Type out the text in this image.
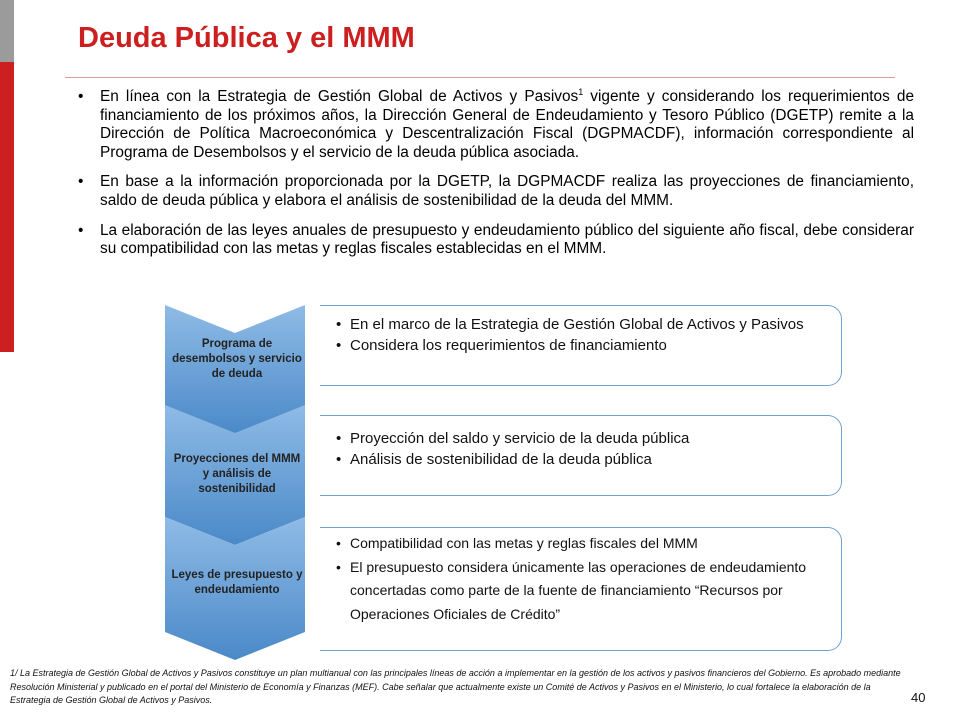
Deuda Pública y el MMM
• En línea con la Estrategia de Gestión Global de Activos y Pasivos$^1$ vigente y considerando los requerimientos de financiamiento de los próximos años, la Dirección General de Endeudamiento y Tesoro Público (DGETP) remite a la Dirección de Política Macroeconómica y Descentralización Fiscal (DGPMACDF), información correspondiente al Programa de Desembolsos y el servicio de la deuda pública asociada.
• En base a la información proporcionada por la DGETP, la DGPMACDF realiza las proyecciones de financiamiento, saldo de deuda pública y elabora el análisis de sostenibilidad de la deuda del MMM.
• La elaboración de las leyes anuales de presupuesto y endeudamiento público del siguiente año fiscal, debe considerar su compatibilidad con las metas y reglas fiscales establecidas en el MMM.
Programa de desembolsos y servicio de deuda
• En el marco de la Estrategia de Gestión Global de Activos y Pasivos
• Considera los requerimientos de financiamiento
Proyecciones del MMM y análisis de sostenibilidad
• Proyección del saldo y servicio de la deuda pública
• Análisis de sostenibilidad de la deuda pública
Leyes de presupuesto y endeudamiento
• Compatibilidad con las metas y reglas fiscales del MMM
• El presupuesto considera únicamente las operaciones de endeudamiento concertadas como parte de la fuente de financiamiento “Recursos por Operaciones Oficiales de Crédito”

1/ La Estrategia de Gestión Global de Activos y Pasivos constituye un plan multianual con las principales líneas de acción a implementar en la gestión de los activos y pasivos financieros del Gobierno. Es aprobado mediante Resolución Ministerial y publicado en el portal del Ministerio de Economía y Finanzas (MEF). Cabe señalar que actualmente existe un Comité de Activos y Pasivos en el Ministerio, lo cual fortalece la elaboración de la Estrategia de Gestión Global de Activos y Pasivos.	40
